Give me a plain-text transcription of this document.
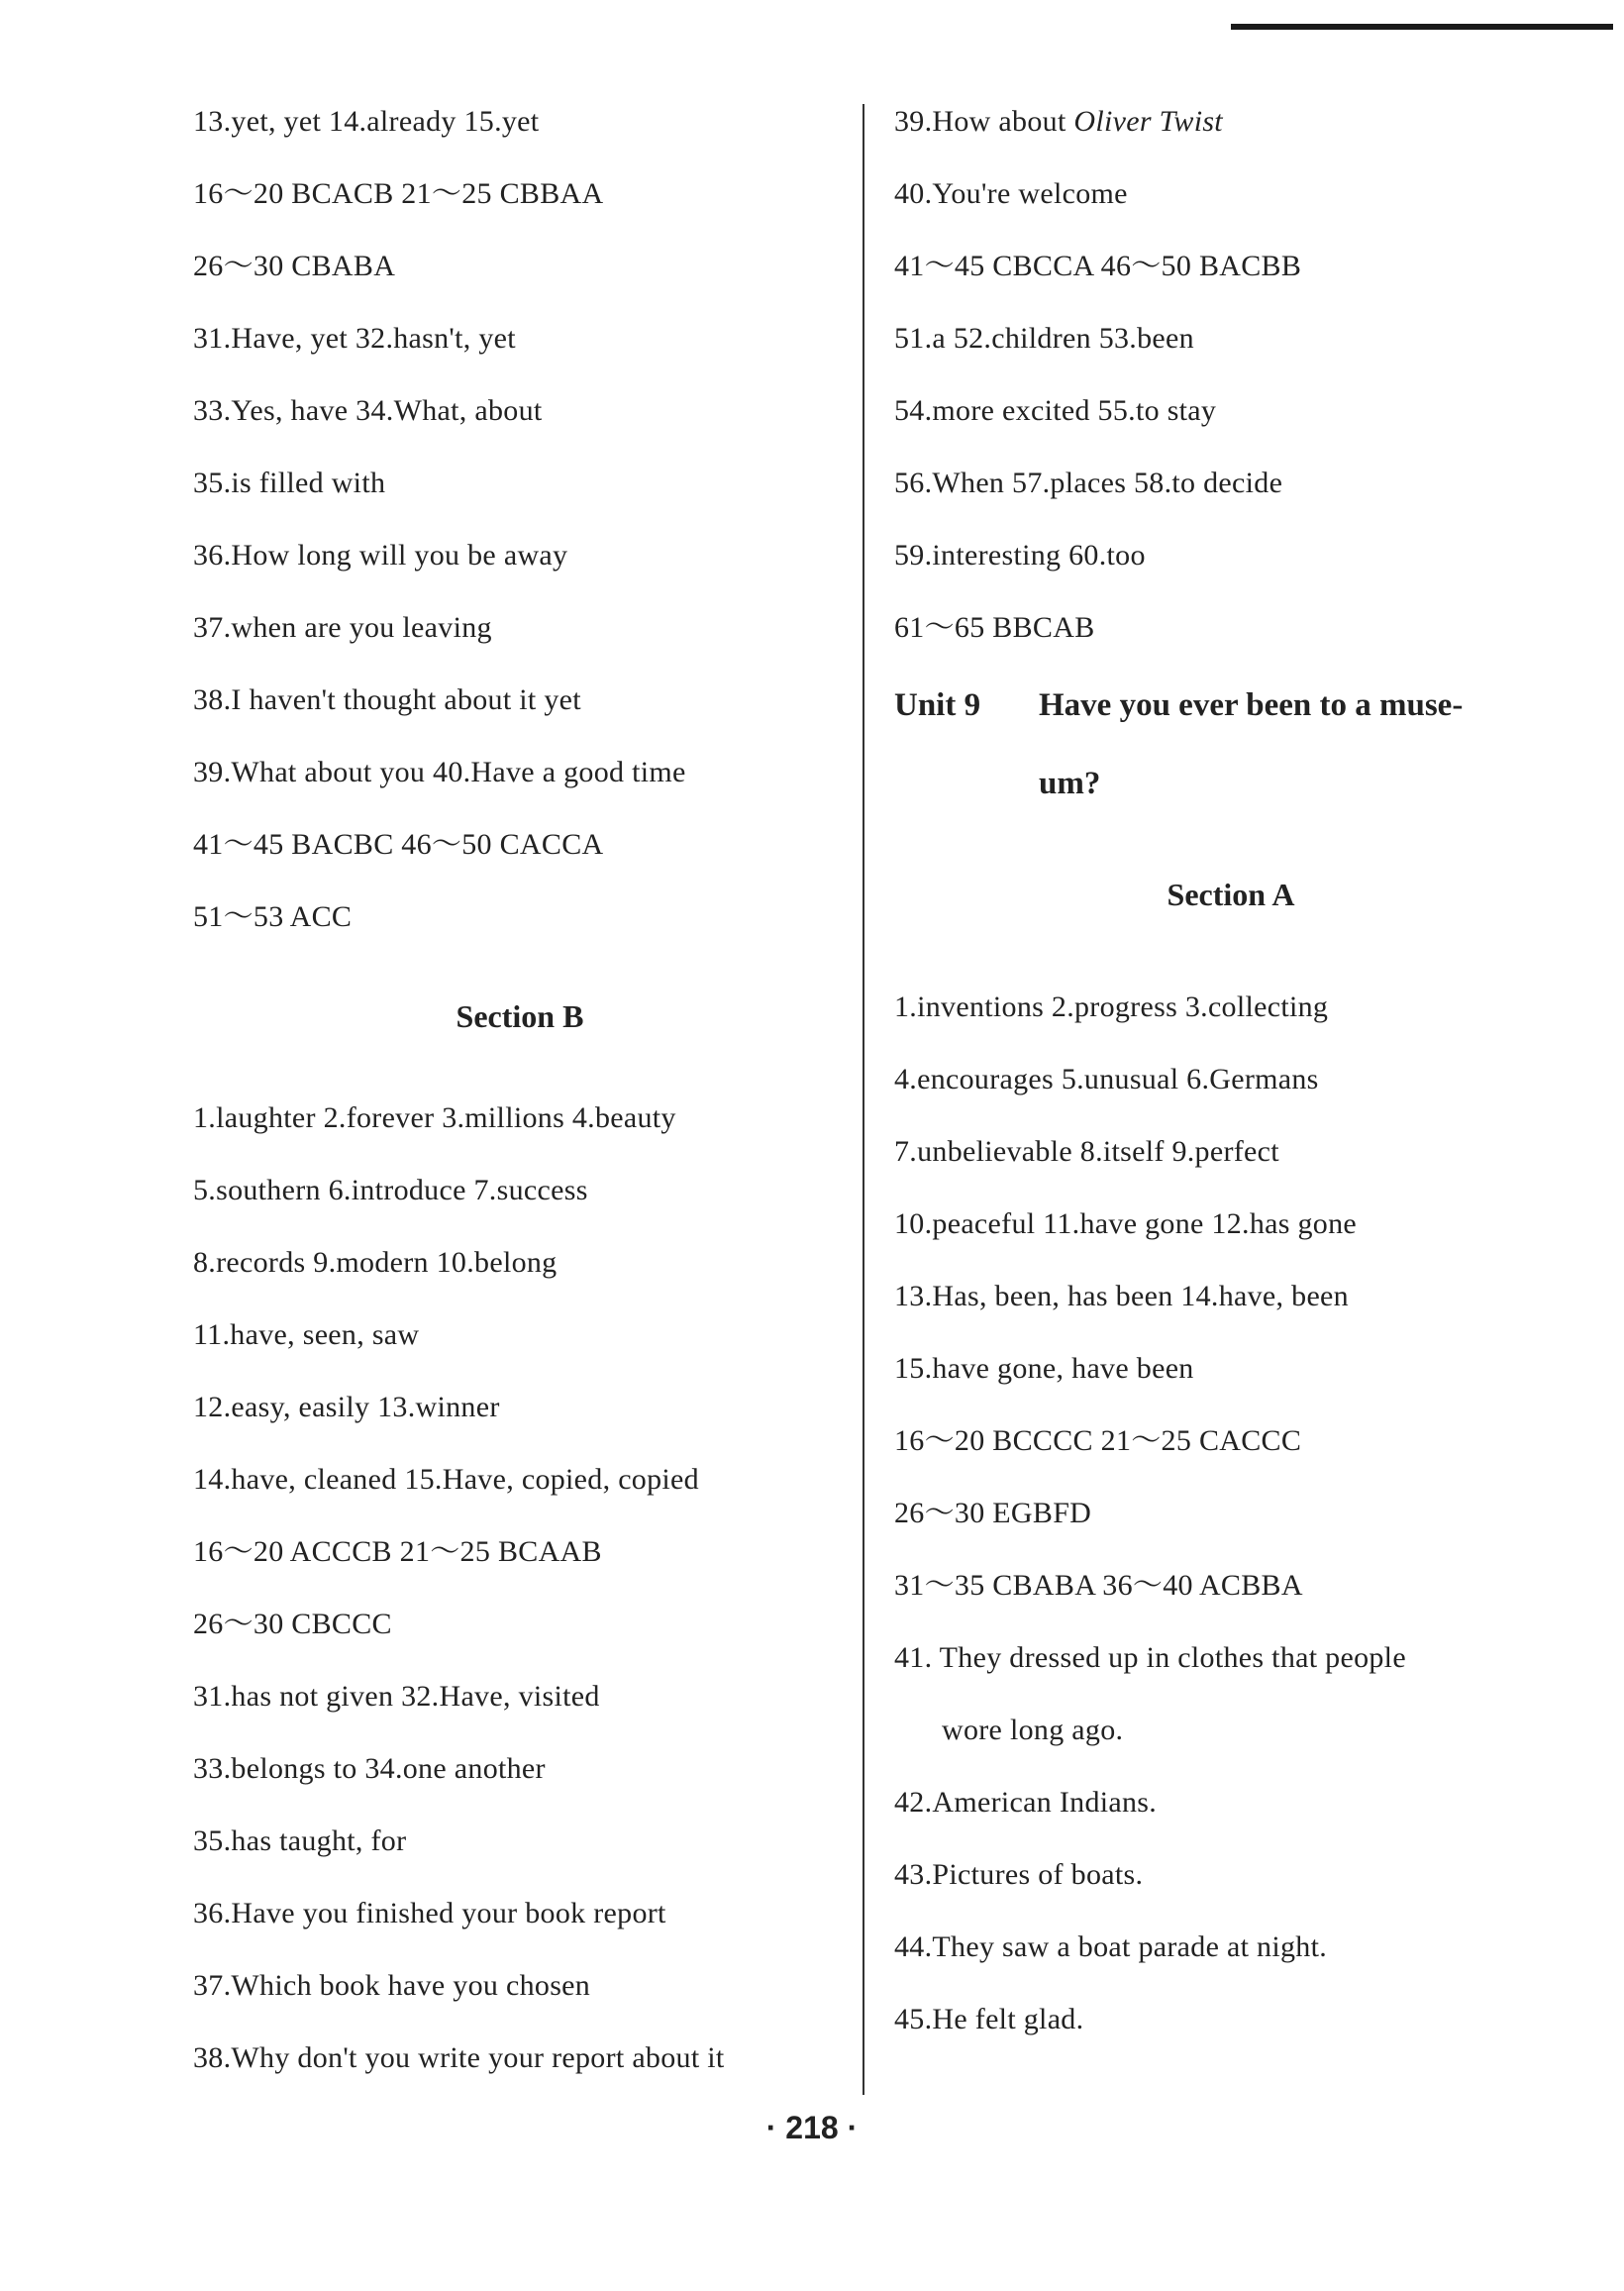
13.yet, yet 14.already 15.yet
16～20 BCACB 21～25 CBBAA
26～30 CBABA
31.Have, yet 32.hasn't, yet
33.Yes, have 34.What, about
35.is filled with
36.How long will you be away
37.when are you leaving
38.I haven't thought about it yet
39.What about you 40.Have a good time
41～45 BACBC 46～50 CACCA
51～53 ACC
Section B
1.laughter 2.forever 3.millions 4.beauty
5.southern 6.introduce 7.success
8.records 9.modern 10.belong
11.have, seen, saw
12.easy, easily 13.winner
14.have, cleaned 15.Have, copied, copied
16～20 ACCCB 21～25 BCAAB
26～30 CBCCC
31.has not given 32.Have, visited
33.belongs to 34.one another
35.has taught, for
36.Have you finished your book report
37.Which book have you chosen
38.Why don't you write your report about it
39.How about Oliver Twist
40.You're welcome
41～45 CBCCA 46～50 BACBB
51.a 52.children 53.been
54.more excited 55.to stay
56.When 57.places 58.to decide
59.interesting 60.too
61～65 BBCAB
Unit 9 Have you ever been to a muse-
um?
Section A
1.inventions 2.progress 3.collecting
4.encourages 5.unusual 6.Germans
7.unbelievable 8.itself 9.perfect
10.peaceful 11.have gone 12.has gone
13.Has, been, has been 14.have, been
15.have gone, have been
16～20 BCCCC 21～25 CACCC
26～30 EGBFD
31～35 CBABA 36～40 ACBBA
41. They dressed up in clothes that people
wore long ago.
42.American Indians.
43.Pictures of boats.
44.They saw a boat parade at night.
45.He felt glad.
· 218 ·
